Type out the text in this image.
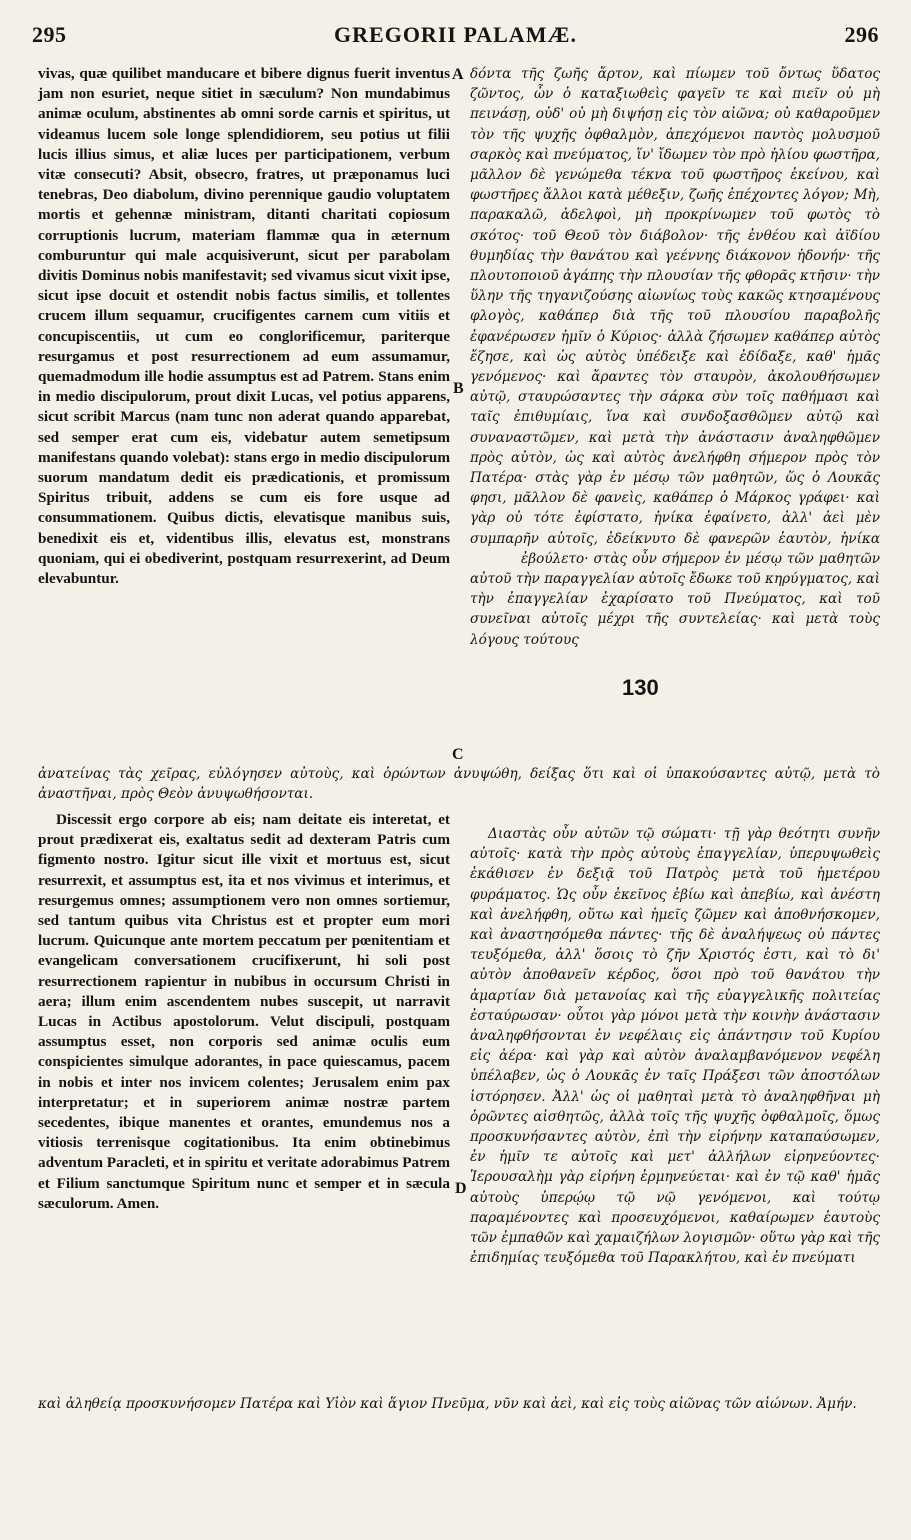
295	GREGORII PALAMÆ.	296

vivas, quæ quilibet manducare et bibere dignus fuerit inventus jam non esuriet, neque sitiet in sæculum? Non mundabimus animæ oculum, abstinentes ab omni sorde carnis et spiritus, ut videamus lucem sole longe splendidiorem, seu potius ut filii lucis illius simus, et aliæ luces per participationem, verbum vitæ consecuti? Absit, obsecro, fratres, ut præponamus luci tenebras, Deo diabolum, divino perennique gaudio voluptatem mortis et gehennæ ministram, ditanti charitati copiosum corruptionis lucrum, materiam flammæ qua in æternum comburuntur qui male acquisiverunt, sicut per parabolam divitis Dominus nobis manifestavit; sed vivamus sicut vixit ipse, sicut ipse docuit et ostendit nobis factus similis, et tollentes crucem illum sequamur, crucifigentes carnem cum vitiis et concupiscentiis, ut cum eo conglorificemur, pariterque resurgamus et post resurrectionem ad eum assumamur, quemadmodum ille hodie assumptus est ad Patrem. Stans enim in medio discipulorum, prout dixit Lucas, vel potius apparens, sicut scribit Marcus (nam tunc non aderat quando apparebat, sed semper erat cum eis, videbatur autem semetipsum manifestans quando volebat): stans ergo in medio discipulorum suorum mandatum dedit eis prædicationis, et promissum Spiritus tribuit, addens se cum eis fore usque ad consummationem. Quibus dictis, elevatisque manibus suis, benedixit eis et, videntibus illis, elevatus est, monstrans quoniam, qui ei obediverint, postquam resurrexerint, ad Deum elevabuntur.

δόντα τῆς ζωῆς ἄρτον, καὶ πίωμεν τοῦ ὄντως ὕδατος ζῶντος, ὧν ὁ καταξιωθεὶς φαγεῖν τε καὶ πιεῖν οὐ μὴ πεινάσῃ, οὐδ' οὐ μὴ διψήσῃ εἰς τὸν αἰῶνα; οὐ καθαροῦμεν τὸν τῆς ψυχῆς ὀφθαλμὸν, ἀπεχόμενοι παντὸς μολυσμοῦ σαρκὸς καὶ πνεύματος, ἵν' ἴδωμεν τὸν πρὸ ἡλίου φωστῆρα, μᾶλλον δὲ γενώμεθα τέκνα τοῦ φωστῆρος ἐκείνου, καὶ φωστῆρες ἄλλοι κατὰ μέθεξιν, ζωῆς ἐπέχοντες λόγον; Μὴ, παρακαλῶ, ἀδελφοὶ, μὴ προκρίνωμεν τοῦ φωτὸς τὸ σκότος· τοῦ Θεοῦ τὸν διάβολον· τῆς ἐνθέου καὶ ἀϊδίου θυμηδίας τὴν θανάτου καὶ γεέννης διάκονον ἡδονήν· τῆς πλουτοποιοῦ ἀγάπης τὴν πλουσίαν τῆς φθορᾶς κτῆσιν· τὴν ὕλην τῆς τηγανιζούσης αἰωνίως τοὺς κακῶς κτησαμένους φλογὸς, καθάπερ διὰ τῆς τοῦ πλουσίου παραβολῆς ἐφανέρωσεν ἡμῖν ὁ Κύριος· ἀλλὰ ζήσωμεν καθάπερ αὐτὸς ἔζησε, καὶ ὡς αὐτὸς ὑπέδειξε καὶ ἐδίδαξε, καθ' ἡμᾶς γενόμενος· καὶ ἄραντες τὸν σταυρὸν, ἀκολουθήσωμεν αὐτῷ, σταυρώσαντες τὴν σάρκα σὺν τοῖς παθήμασι καὶ ταῖς ἐπιθυμίαις, ἵνα καὶ συνδοξασθῶμεν αὐτῷ καὶ συναναστῶμεν, καὶ μετὰ τὴν ἀνάστασιν ἀναληφθῶμεν πρὸς αὐτὸν, ὡς καὶ αὐτὸς ἀνελήφθη σήμερον πρὸς τὸν Πατέρα· στὰς γὰρ ἐν μέσῳ τῶν μαθητῶν, ὥς ὁ Λουκᾶς φησι, μᾶλλον δὲ φανεὶς, καθάπερ ὁ Μάρκος γράφει· καὶ γὰρ οὐ τότε ἐφίστατο, ἡνίκα ἐφαίνετο, ἀλλ' ἀεὶ μὲν συμπαρῆν αὐτοῖς, ἐδείκνυτο δὲ φανερῶν ἑαυτὸν, ἡνίκα  ἐβούλετο· στὰς οὖν σήμερον ἐν μέσῳ τῶν μαθητῶν αὐτοῦ τὴν παραγγελίαν αὐτοῖς ἔδωκε τοῦ κηρύγματος, καὶ τὴν ἐπαγγελίαν ἐχαρίσατο τοῦ Πνεύματος, καὶ τοῦ συνεῖναι αὐτοῖς μέχρι τῆς συντελείας· καὶ μετὰ τοὺς λόγους τούτους

130
A
B
C
D
ἀνατείνας τὰς χεῖρας, εὐλόγησεν αὐτοὺς, καὶ ὁρώντων ἀνυψώθη, δείξας ὅτι καὶ οἱ ὑπακούσαντες αὐτῷ, μετὰ τὸ ἀναστῆναι, πρὸς Θεὸν ἀνυψωθήσονται.

Discessit ergo corpore ab eis; nam deitate eis interetat, et prout prædixerat eis, exaltatus sedit ad dexteram Patris cum figmento nostro. Igitur sicut ille vixit et mortuus est, sicut resurrexit, et assumptus est, ita et nos vivimus et interimus, et resurgemus omnes; assumptionem vero non omnes sortiemur, sed tantum quibus vita Christus est et propter eum mori lucrum. Quicunque ante mortem peccatum per pœnitentiam et evangelicam conversationem crucifixerunt, hi soli post resurrectionem rapientur in nubibus in occursum Christi in aera; illum enim ascendentem nubes suscepit, ut narravit Lucas in Actibus apostolorum. Velut discipuli, postquam assumptus esset, non corporis sed animæ oculis eum conspicientes simulque adorantes, in pace quiescamus, pacem in nobis et inter nos invicem colentes; Jerusalem enim pax interpretatur; et in superiorem animæ nostræ partem secedentes, ibique manentes et orantes, emundemus nos a vitiosis terrenisque cogitationibus. Ita enim obtinebimus adventum Paracleti, et in spiritu et veritate adorabimus Patrem et Filium sanctumque Spiritum nunc et semper et in sæcula sæculorum. Amen.

Διαστὰς οὖν αὐτῶν τῷ σώματι· τῇ γὰρ θεότητι συνῆν αὐτοῖς· κατὰ τὴν πρὸς αὐτοὺς ἐπαγγελίαν, ὑπερυψωθεὶς ἐκάθισεν ἐν δεξιᾷ τοῦ Πατρὸς μετὰ τοῦ ἡμετέρου φυράματος. Ὡς οὖν ἐκεῖνος ἐβίω καὶ ἀπεβίω, καὶ ἀνέστη καὶ ἀνελήφθη, οὕτω καὶ ἡμεῖς ζῶμεν καὶ ἀποθνήσκομεν, καὶ ἀναστησόμεθα πάντες· τῆς δὲ ἀναλήψεως οὐ πάντες τευξόμεθα, ἀλλ' ὅσοις τὸ ζῆν Χριστός ἐστι, καὶ τὸ δι' αὐτὸν ἀποθανεῖν κέρδος, ὅσοι πρὸ τοῦ θανάτου τὴν ἁμαρτίαν διὰ μετανοίας καὶ τῆς εὐαγγελικῆς πολιτείας ἐσταύρωσαν· οὗτοι γὰρ μόνοι μετὰ τὴν κοινὴν ἀνάστασιν ἀναληφθήσονται ἐν νεφέλαις εἰς ἀπάντησιν τοῦ Κυρίου εἰς ἀέρα· καὶ γὰρ καὶ αὐτὸν ἀναλαμβανόμενον νεφέλη ὑπέλαβεν, ὡς ὁ Λουκᾶς ἐν ταῖς Πράξεσι τῶν ἀποστόλων ἱστόρησεν. Ἀλλ' ὡς οἱ μαθηταὶ μετὰ τὸ ἀναληφθῆναι μὴ ὁρῶντες αἰσθητῶς, ἀλλὰ τοῖς τῆς ψυχῆς ὀφθαλμοῖς, ὅμως προσκυνήσαντες αὐτὸν, ἐπὶ τὴν εἰρήνην καταπαύσωμεν, ἐν ἡμῖν τε αὐτοῖς καὶ μετ' ἀλλήλων εἰρηνεύοντες· Ἱερουσαλὴμ γὰρ εἰρήνη ἑρμηνεύεται· καὶ ἐν τῷ καθ' ἡμᾶς αὐτοὺς ὑπερῴῳ τῷ νῷ γενόμενοι, καὶ τούτῳ παραμένοντες καὶ προσευχόμενοι, καθαίρωμεν ἑαυτοὺς τῶν ἐμπαθῶν καὶ χαμαιζήλων λογισμῶν· οὕτω γὰρ καὶ τῆς ἐπιδημίας τευξόμεθα τοῦ Παρακλήτου, καὶ ἐν πνεύματι

καὶ ἀληθείᾳ προσκυνήσομεν Πατέρα καὶ Υἱὸν καὶ ἅγιον Πνεῦμα, νῦν καὶ ἀεὶ, καὶ εἰς τοὺς αἰῶνας τῶν αἰώνων. Ἀμήν.
